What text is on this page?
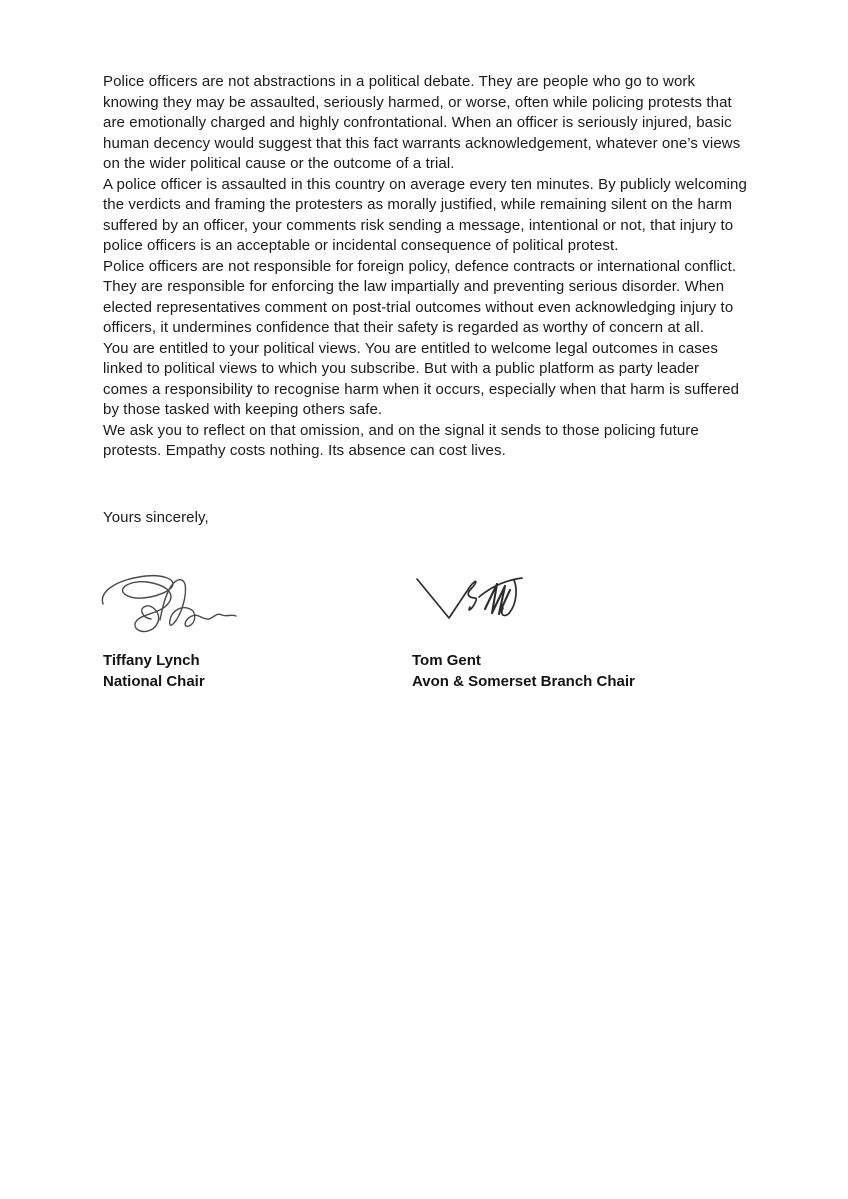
Police officers are not abstractions in a political debate. They are people who go to work knowing they may be assaulted, seriously harmed, or worse, often while policing protests that are emotionally charged and highly confrontational. When an officer is seriously injured, basic human decency would suggest that this fact warrants acknowledgement, whatever one’s views on the wider political cause or the outcome of a trial.

A police officer is assaulted in this country on average every ten minutes. By publicly welcoming the verdicts and framing the protesters as morally justified, while remaining silent on the harm suffered by an officer, your comments risk sending a message, intentional or not, that injury to police officers is an acceptable or incidental consequence of political protest.

Police officers are not responsible for foreign policy, defence contracts or international conflict. They are responsible for enforcing the law impartially and preventing serious disorder. When elected representatives comment on post-trial outcomes without even acknowledging injury to officers, it undermines confidence that their safety is regarded as worthy of concern at all.

You are entitled to your political views. You are entitled to welcome legal outcomes in cases linked to political views to which you subscribe. But with a public platform as party leader comes a responsibility to recognise harm when it occurs, especially when that harm is suffered by those tasked with keeping others safe.

We ask you to reflect on that omission, and on the signal it sends to those policing future protests. Empathy costs nothing. Its absence can cost lives.

Yours sincerely,

Tiffany Lynch
National Chair
Tom Gent
Avon & Somerset Branch Chair
